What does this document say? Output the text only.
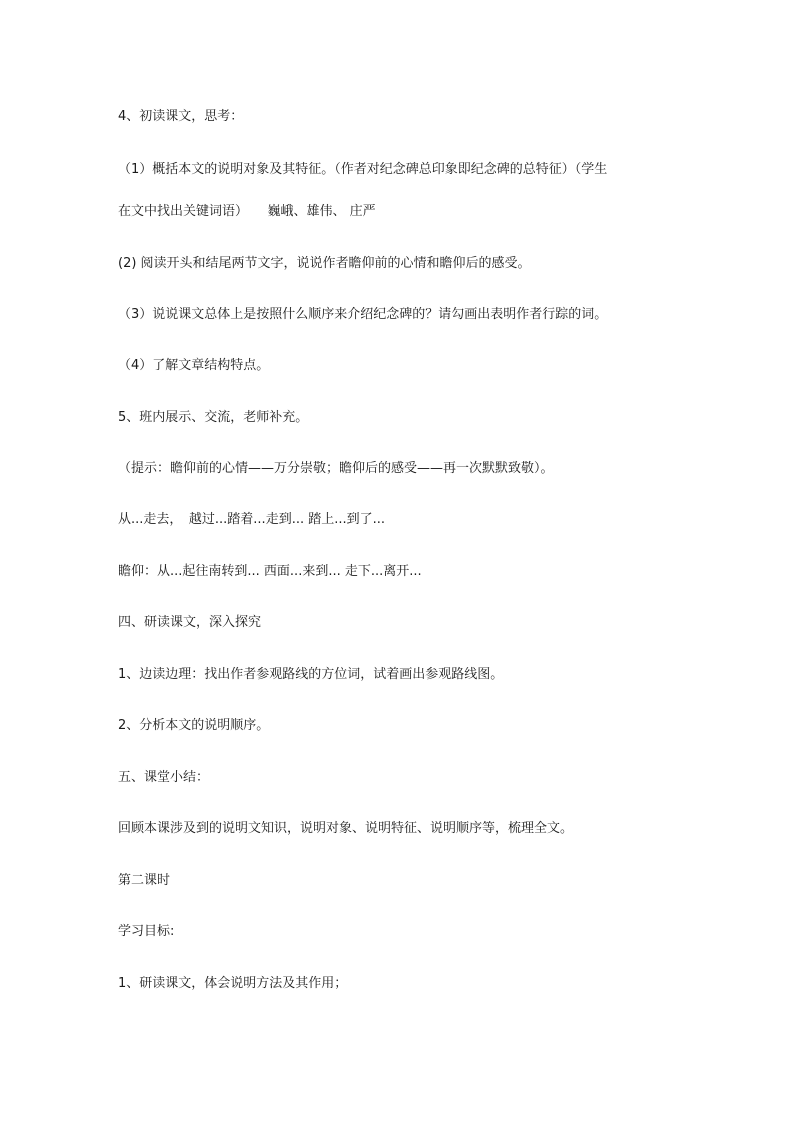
4、初读课文，思考：
（1）概括本文的说明对象及其特征。（作者对纪念碑总印象即纪念碑的总特征）（学生
在文中找出关键词语）　　巍峨、雄伟、 庄严
(2) 阅读开头和结尾两节文字，说说作者瞻仰前的心情和瞻仰后的感受。
（3）说说课文总体上是按照什么顺序来介绍纪念碑的？请勾画出表明作者行踪的词。
（4）了解文章结构特点。
5、班内展示、交流，老师补充。
（提示：瞻仰前的心情——万分崇敬；瞻仰后的感受——再一次默默致敬）。
从...走去，　越过...踏着...走到... 踏上...到了...
瞻仰：从...起往南转到... 西面...来到... 走下...离开...
四、研读课文，深入探究
1、边读边理：找出作者参观路线的方位词，试着画出参观路线图。
2、分析本文的说明顺序。
五、课堂小结：
回顾本课涉及到的说明文知识，说明对象、说明特征、说明顺序等，梳理全文。
第二课时
学习目标:
1、研读课文，体会说明方法及其作用；
